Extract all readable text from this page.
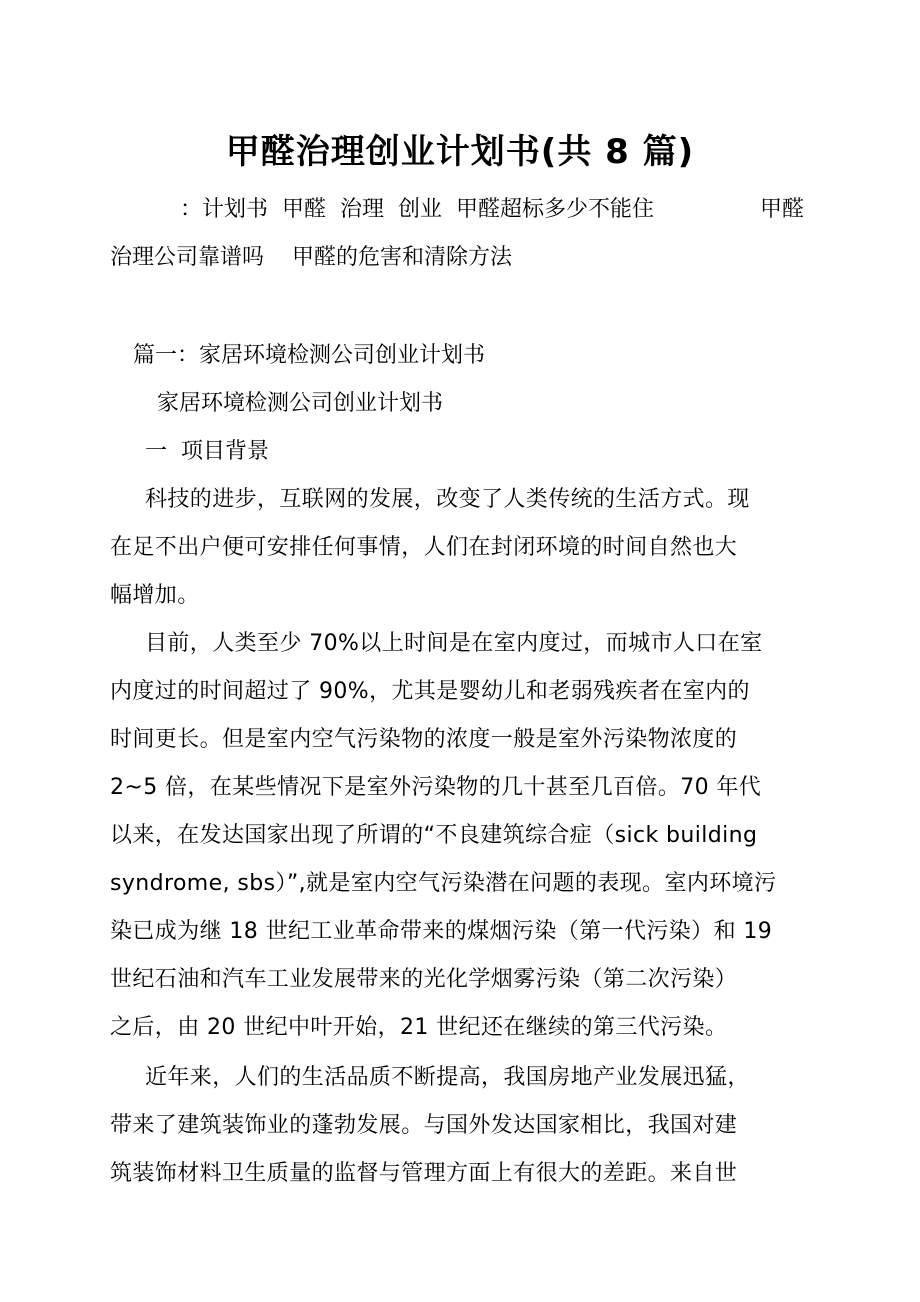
甲醛治理创业计划书(共 8 篇)
：计划书  甲醛  治理  创业  甲醛超标多少不能住	甲醛
治理公司靠谱吗    甲醛的危害和清除方法
篇一：家居环境检测公司创业计划书
家居环境检测公司创业计划书
一  项目背景
科技的进步，互联网的发展，改变了人类传统的生活方式。现
在足不出户便可安排任何事情，人们在封闭环境的时间自然也大
幅增加。
目前，人类至少 70%以上时间是在室内度过，而城市人口在室
内度过的时间超过了 90%，尤其是婴幼儿和老弱残疾者在室内的
时间更长。但是室内空气污染物的浓度一般是室外污染物浓度的
2~5 倍，在某些情况下是室外污染物的几十甚至几百倍。70 年代
以来，在发达国家出现了所谓的“不良建筑综合症（sick building
syndrome, sbs）”,就是室内空气污染潜在问题的表现。室内环境污
染已成为继 18 世纪工业革命带来的煤烟污染（第一代污染）和 19
世纪石油和汽车工业发展带来的光化学烟雾污染（第二次污染）
之后，由 20 世纪中叶开始，21 世纪还在继续的第三代污染。
近年来，人们的生活品质不断提高，我国房地产业发展迅猛，
带来了建筑装饰业的蓬勃发展。与国外发达国家相比，我国对建
筑装饰材料卫生质量的监督与管理方面上有很大的差距。来自世
